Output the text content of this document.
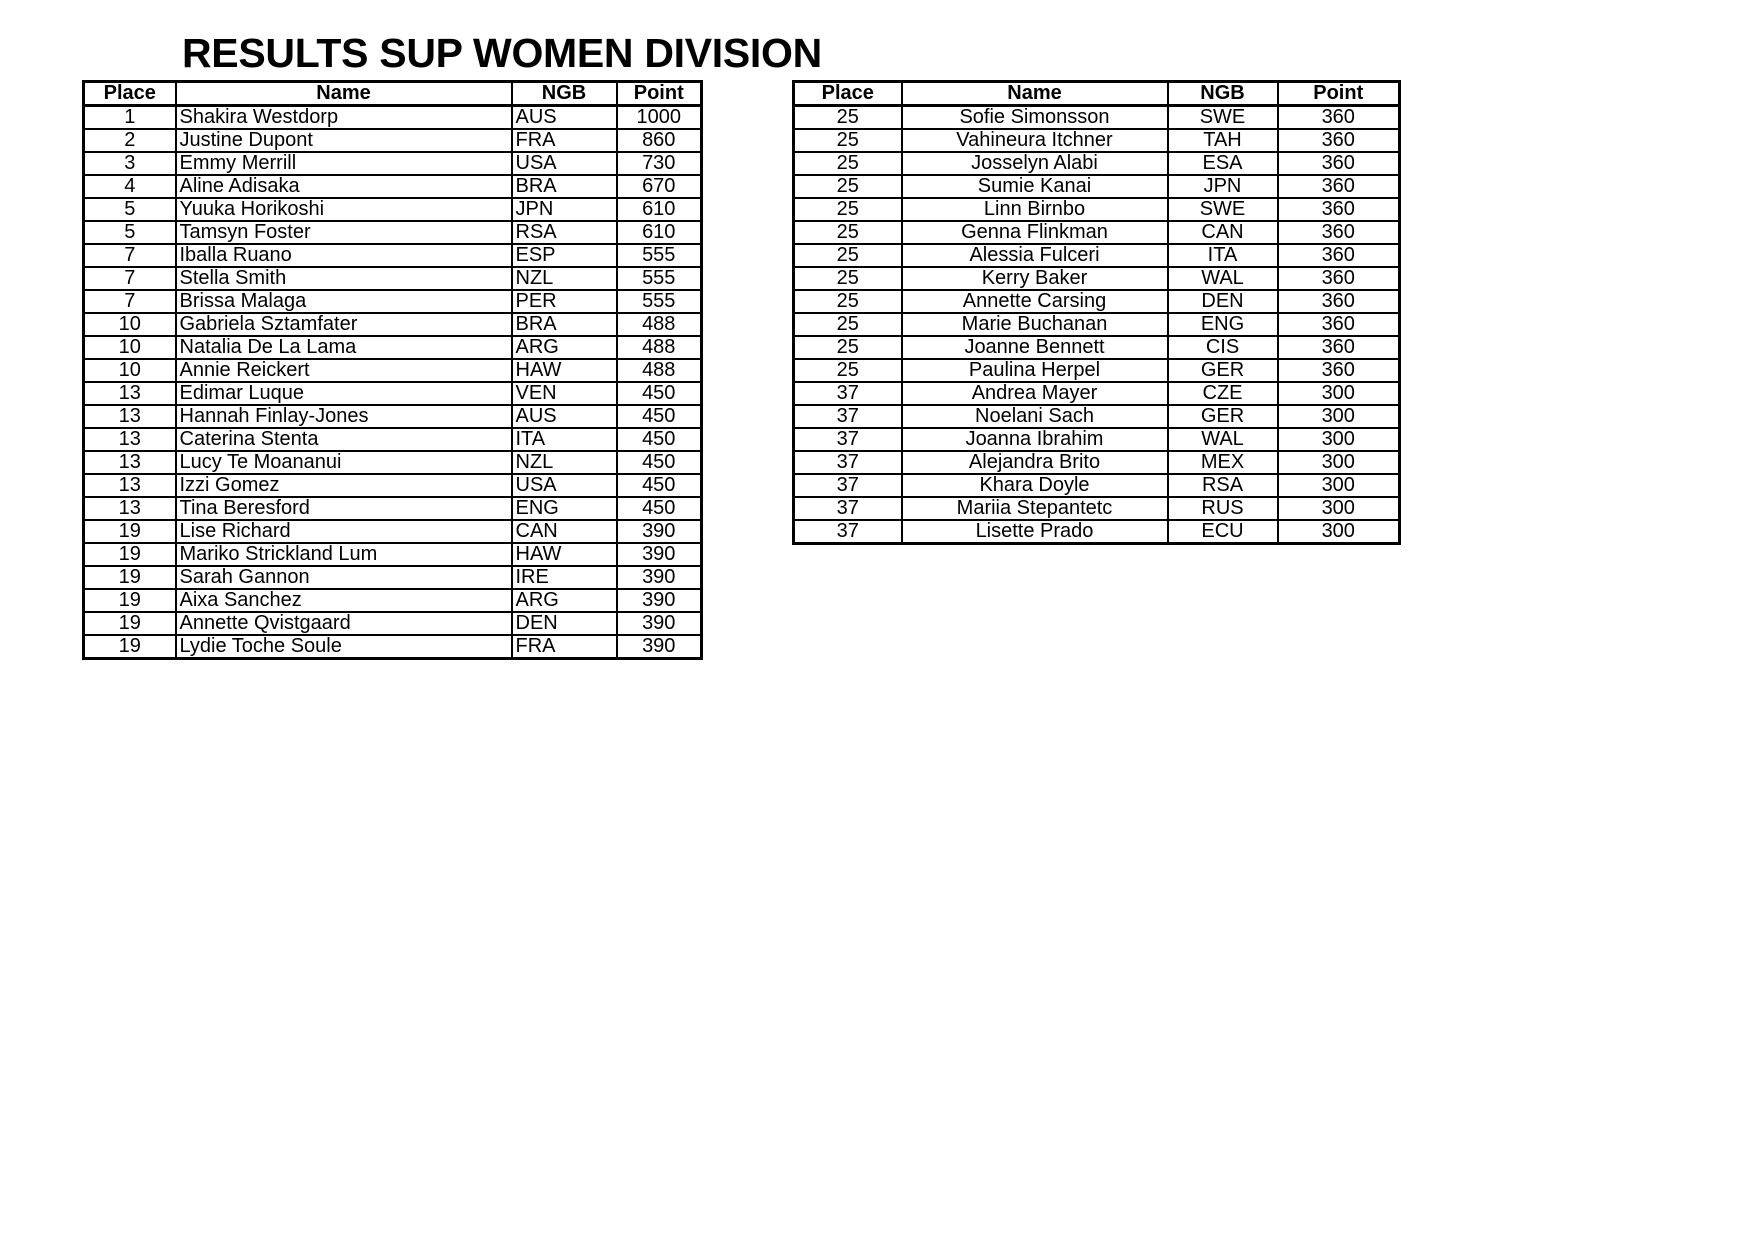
RESULTS SUP WOMEN DIVISION
Place	Name	NGB	Point
1	Shakira Westdorp	AUS	1000
2	Justine Dupont	FRA	860
3	Emmy Merrill	USA	730
4	Aline Adisaka	BRA	670
5	Yuuka Horikoshi	JPN	610
5	Tamsyn Foster	RSA	610
7	Iballa Ruano	ESP	555
7	Stella Smith	NZL	555
7	Brissa Malaga	PER	555
10	Gabriela Sztamfater	BRA	488
10	Natalia De La Lama	ARG	488
10	Annie Reickert	HAW	488
13	Edimar Luque	VEN	450
13	Hannah Finlay-Jones	AUS	450
13	Caterina Stenta	ITA	450
13	Lucy Te Moananui	NZL	450
13	Izzi Gomez	USA	450
13	Tina Beresford	ENG	450
19	Lise Richard	CAN	390
19	Mariko Strickland Lum	HAW	390
19	Sarah Gannon	IRE	390
19	Aixa Sanchez	ARG	390
19	Annette Qvistgaard	DEN	390
19	Lydie Toche Soule	FRA	390
Place	Name	NGB	Point
25	Sofie Simonsson	SWE	360
25	Vahineura Itchner	TAH	360
25	Josselyn Alabi	ESA	360
25	Sumie Kanai	JPN	360
25	Linn Birnbo	SWE	360
25	Genna Flinkman	CAN	360
25	Alessia Fulceri	ITA	360
25	Kerry Baker	WAL	360
25	Annette Carsing	DEN	360
25	Marie Buchanan	ENG	360
25	Joanne Bennett	CIS	360
25	Paulina Herpel	GER	360
37	Andrea Mayer	CZE	300
37	Noelani Sach	GER	300
37	Joanna Ibrahim	WAL	300
37	Alejandra Brito	MEX	300
37	Khara Doyle	RSA	300
37	Mariia Stepantetc	RUS	300
37	Lisette Prado	ECU	300
